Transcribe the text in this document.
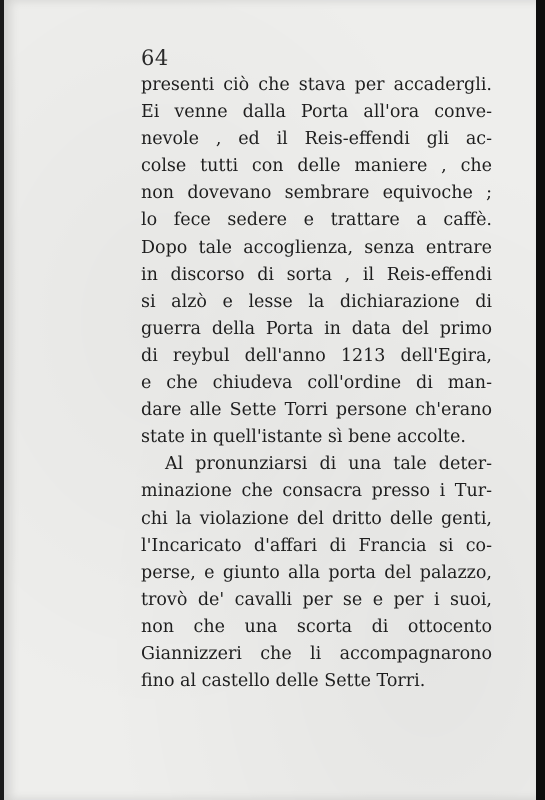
64
presenti ciò che stava per accadergli.
Ei venne dalla Porta all'ora conve-
nevole , ed il Reis-effendi gli ac-
colse tutti con delle maniere , che
non dovevano sembrare equivoche ;
lo fece sedere e trattare a caffè.
Dopo tale accoglienza, senza entrare
in discorso di sorta , il Reis-effendi
si alzò e lesse la dichiarazione di
guerra della Porta in data del primo
di reybul dell'anno 1213 dell'Egira,
e che chiudeva coll'ordine di man-
dare alle Sette Torri persone ch'erano
state in quell'istante sì bene accolte.
Al pronunziarsi di una tale deter-
minazione che consacra presso i Tur-
chi la violazione del dritto delle genti,
l'Incaricato d'affari di Francia si co-
perse, e giunto alla porta del palazzo,
trovò de' cavalli per se e per i suoi,
non che una scorta di ottocento
Giannizzeri che li accompagnarono
fino al castello delle Sette Torri.
